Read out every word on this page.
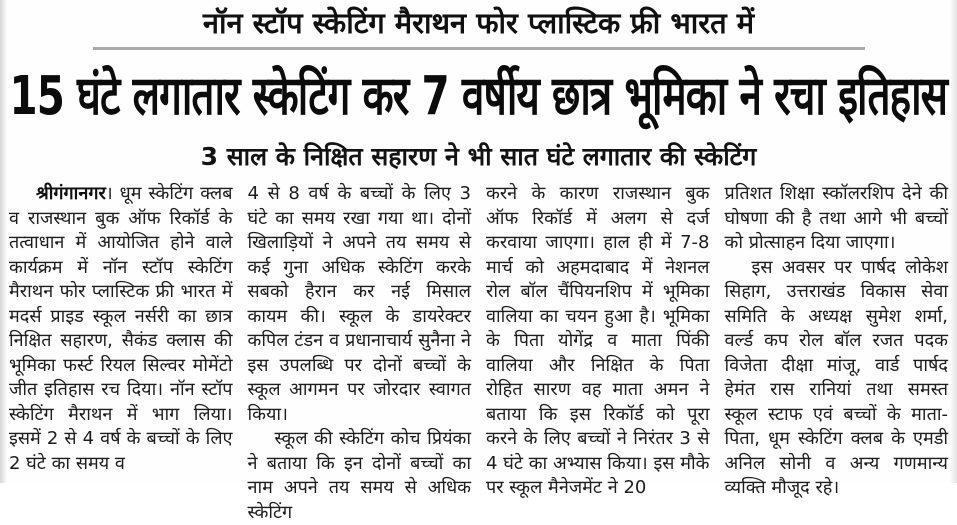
नॉन स्टॉप स्केटिंग मैराथन फोर प्लास्टिक फ्री भारत में
15 घंटे लगातार स्केटिंग कर 7 वर्षीय छात्र भूमिका ने रचा इतिहास
3 साल के निक्षित सहारण ने भी सात घंटे लगातार की स्केटिंग

श्रीगंगानगर। धूम स्केटिंग क्लब व राजस्थान बुक ऑफ रिकॉर्ड के तत्वाधान में आयोजित होने वाले कार्यक्रम में नॉन स्टॉप स्केटिंग मैराथन फोर प्लास्टिक फ्री भारत में मदर्स प्राइड स्कूल नर्सरी का छात्र निक्षित सहारण, सैकंड क्लास की भूमिका फर्स्ट रियल सिल्वर मोमेंटो जीत इतिहास रच दिया। नॉन स्टॉप स्केटिंग मैराथन में भाग लिया। इसमें 2 से 4 वर्ष के बच्चों के लिए 2 घंटे का समय व

4 से 8 वर्ष के बच्चों के लिए 3 घंटे का समय रखा गया था। दोनों खिलाड़ियों ने अपने तय समय से कई गुना अधिक स्केटिंग करके सबको हैरान कर नई मिसाल कायम की। स्कूल के डायरेक्टर कपिल टंडन व प्रधानाचार्य सुनैना ने इस उपलब्धि पर दोनों बच्चों के स्कूल आगमन पर जोरदार स्वागत किया।

स्कूल की स्केटिंग कोच प्रियंका ने बताया कि इन दोनों बच्चों का नाम अपने तय समय से अधिक स्केटिंग

करने के कारण राजस्थान बुक ऑफ रिकॉर्ड में अलग से दर्ज करवाया जाएगा। हाल ही में 7-8 मार्च को अहमदाबाद में नेशनल रोल बॉल चैंपियनशिप में भूमिका वालिया का चयन हुआ है। भूमिका के पिता योगेंद्र व माता पिंकी वालिया और निक्षित के पिता रोहित सारण वह माता अमन ने बताया कि इस रिकॉर्ड को पूरा करने के लिए बच्चों ने निरंतर 3 से 4 घंटे का अभ्यास किया। इस मौके पर स्कूल मैनेजमेंट ने 20

प्रतिशत शिक्षा स्कॉलरशिप देने की घोषणा की है तथा आगे भी बच्चों को प्रोत्साहन दिया जाएगा।

इस अवसर पर पार्षद लोकेश सिहाग, उत्तराखंड विकास सेवा समिति के अध्यक्ष सुमेश शर्मा, वर्ल्ड कप रोल बॉल रजत पदक विजेता दीक्षा मांजू, वार्ड पार्षद हेमंत रास रानियां तथा समस्त स्कूल स्टाफ एवं बच्चों के माता-पिता, धूम स्केटिंग क्लब के एमडी अनिल सोनी व अन्य गणमान्य व्यक्ति मौजूद रहे।
